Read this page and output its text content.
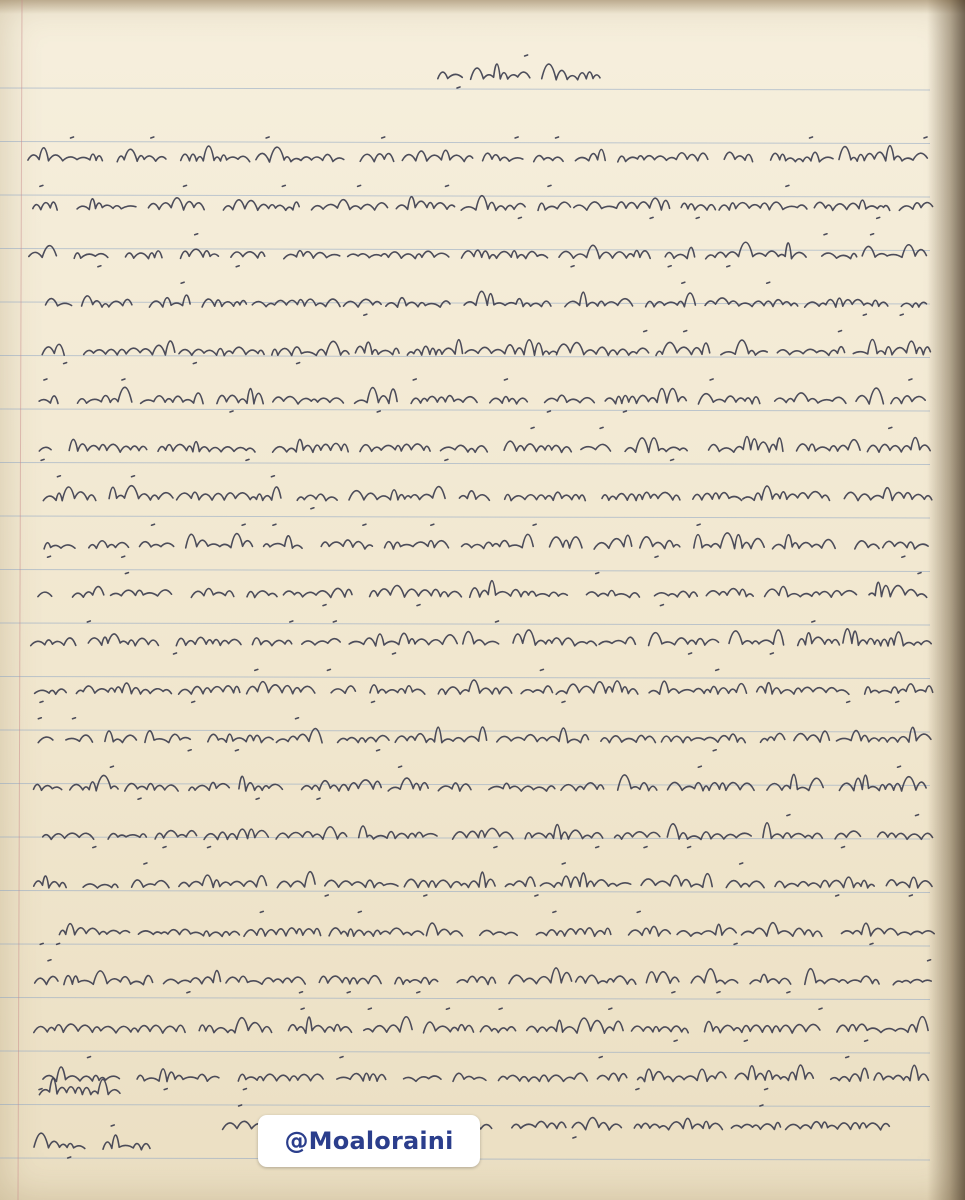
@Moaloraini
